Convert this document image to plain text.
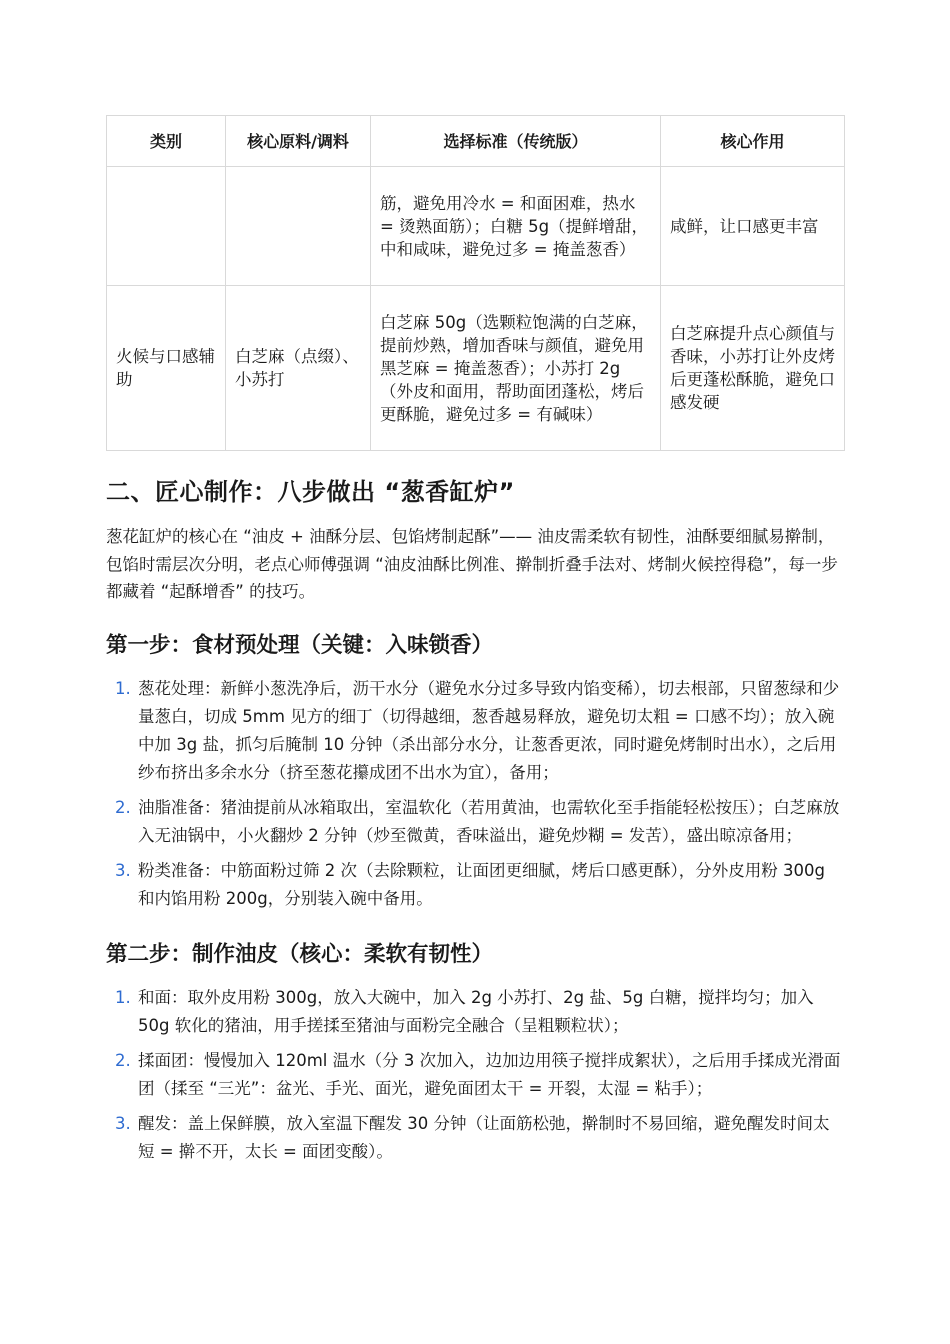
类别	核心原料/调料	选择标准（传统版）	核心作用
		筋，避免用冷水 = 和面困难，热水 = 烫熟面筋）；白糖 5g（提鲜增甜，中和咸味，避免过多 = 掩盖葱香）	咸鲜，让口感更丰富
火候与口感辅助	白芝麻（点缀）、小苏打	白芝麻 50g（选颗粒饱满的白芝麻，提前炒熟，增加香味与颜值，避免用黑芝麻 = 掩盖葱香）；小苏打 2g（外皮和面用，帮助面团蓬松，烤后更酥脆，避免过多 = 有碱味）	白芝麻提升点心颜值与香味，小苏打让外皮烤后更蓬松酥脆，避免口感发硬
二、匠心制作：八步做出 “葱香缸炉”

葱花缸炉的核心在 “油皮 + 油酥分层、包馅烤制起酥”—— 油皮需柔软有韧性，油酥要细腻易擀制，包馅时需层次分明，老点心师傅强调 “油皮油酥比例准、擀制折叠手法对、烤制火候控得稳”，每一步都藏着 “起酥增香” 的技巧。

第一步：食材预处理（关键：入味锁香）
1. 葱花处理：新鲜小葱洗净后，沥干水分（避免水分过多导致内馅变稀），切去根部，只留葱绿和少量葱白，切成 5mm 见方的细丁（切得越细，葱香越易释放，避免切太粗 = 口感不均）；放入碗中加 3g 盐，抓匀后腌制 10 分钟（杀出部分水分，让葱香更浓，同时避免烤制时出水），之后用纱布挤出多余水分（挤至葱花攥成团不出水为宜），备用；
2. 油脂准备：猪油提前从冰箱取出，室温软化（若用黄油，也需软化至手指能轻松按压）；白芝麻放入无油锅中，小火翻炒 2 分钟（炒至微黄，香味溢出，避免炒糊 = 发苦），盛出晾凉备用；
3. 粉类准备：中筋面粉过筛 2 次（去除颗粒，让面团更细腻，烤后口感更酥），分外皮用粉 300g 和内馅用粉 200g，分别装入碗中备用。
第二步：制作油皮（核心：柔软有韧性）
1. 和面：取外皮用粉 300g，放入大碗中，加入 2g 小苏打、2g 盐、5g 白糖，搅拌均匀；加入 50g 软化的猪油，用手搓揉至猪油与面粉完全融合（呈粗颗粒状）；
2. 揉面团：慢慢加入 120ml 温水（分 3 次加入，边加边用筷子搅拌成絮状），之后用手揉成光滑面团（揉至 “三光”：盆光、手光、面光，避免面团太干 = 开裂，太湿 = 粘手）；
3. 醒发：盖上保鲜膜，放入室温下醒发 30 分钟（让面筋松弛，擀制时不易回缩，避免醒发时间太短 = 擀不开，太长 = 面团变酸）。
